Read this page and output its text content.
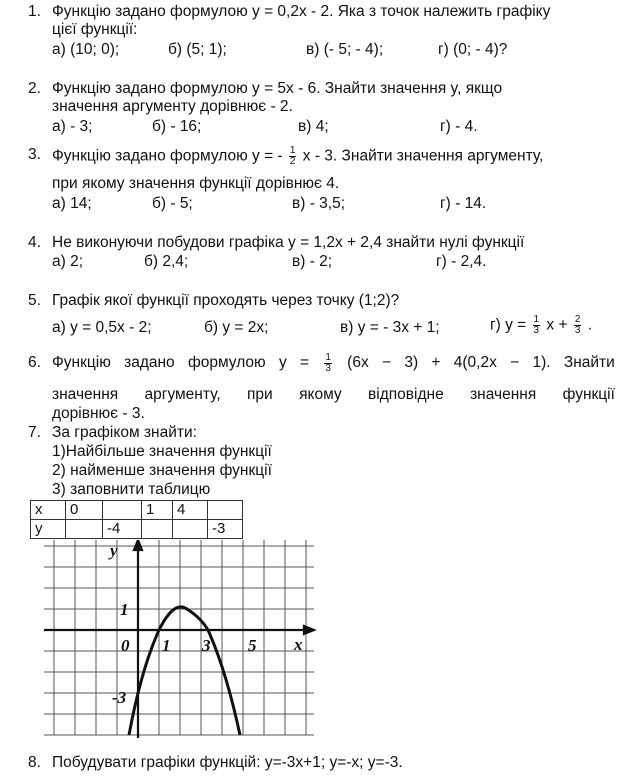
1. Функцію задано формулою y = 0,2x - 2. Яка з точок належить графіку
цієї функції:
а) (10; 0);	б) (5; 1);	в) (- 5; - 4);	г) (0; - 4)?
2. Функцію задано формулою y = 5x - 6. Знайти значення y, якщо
значення аргументу дорівнює - 2.
а) - 3;	б) - 16;	в) 4;	г) - 4.
3. Функцію задано формулою y = - $\frac{1}{2}$ x - 3. Знайти значення аргументу,
при якому значення функції дорівнює 4.
а) 14;	б) - 5;	в) - 3,5;	г) - 14.
4. Не виконуючи побудови графіка y = 1,2x + 2,4 знайти нулі функції
а) 2;	б) 2,4;	в) - 2;	г) - 2,4.
5. Графік якої функції проходять через точку (1;2)?
а) y = 0,5x - 2;	б) y = 2x;	в) y = - 3x + 1;	г) $y = \frac{1}{3}$ $x + \frac{2}{3}$ .
6. Функцію задано формулою $y = \frac{1}{3} (6x - 3) + 4(0,2x - 1)$. Знайти
значення аргументу, при якому відповідне значення функції
дорівнює - 3.
7. За графіком знайти:
1)Найбільше значення функції
2) найменше значення функції
3) заповнити таблицю
x	0		1	4	
y		-4			-3
y
x
1
0 1 3 5
-3
8. Побудувати графіки функцій: y=-3x+1; y=-x; y=-3.
